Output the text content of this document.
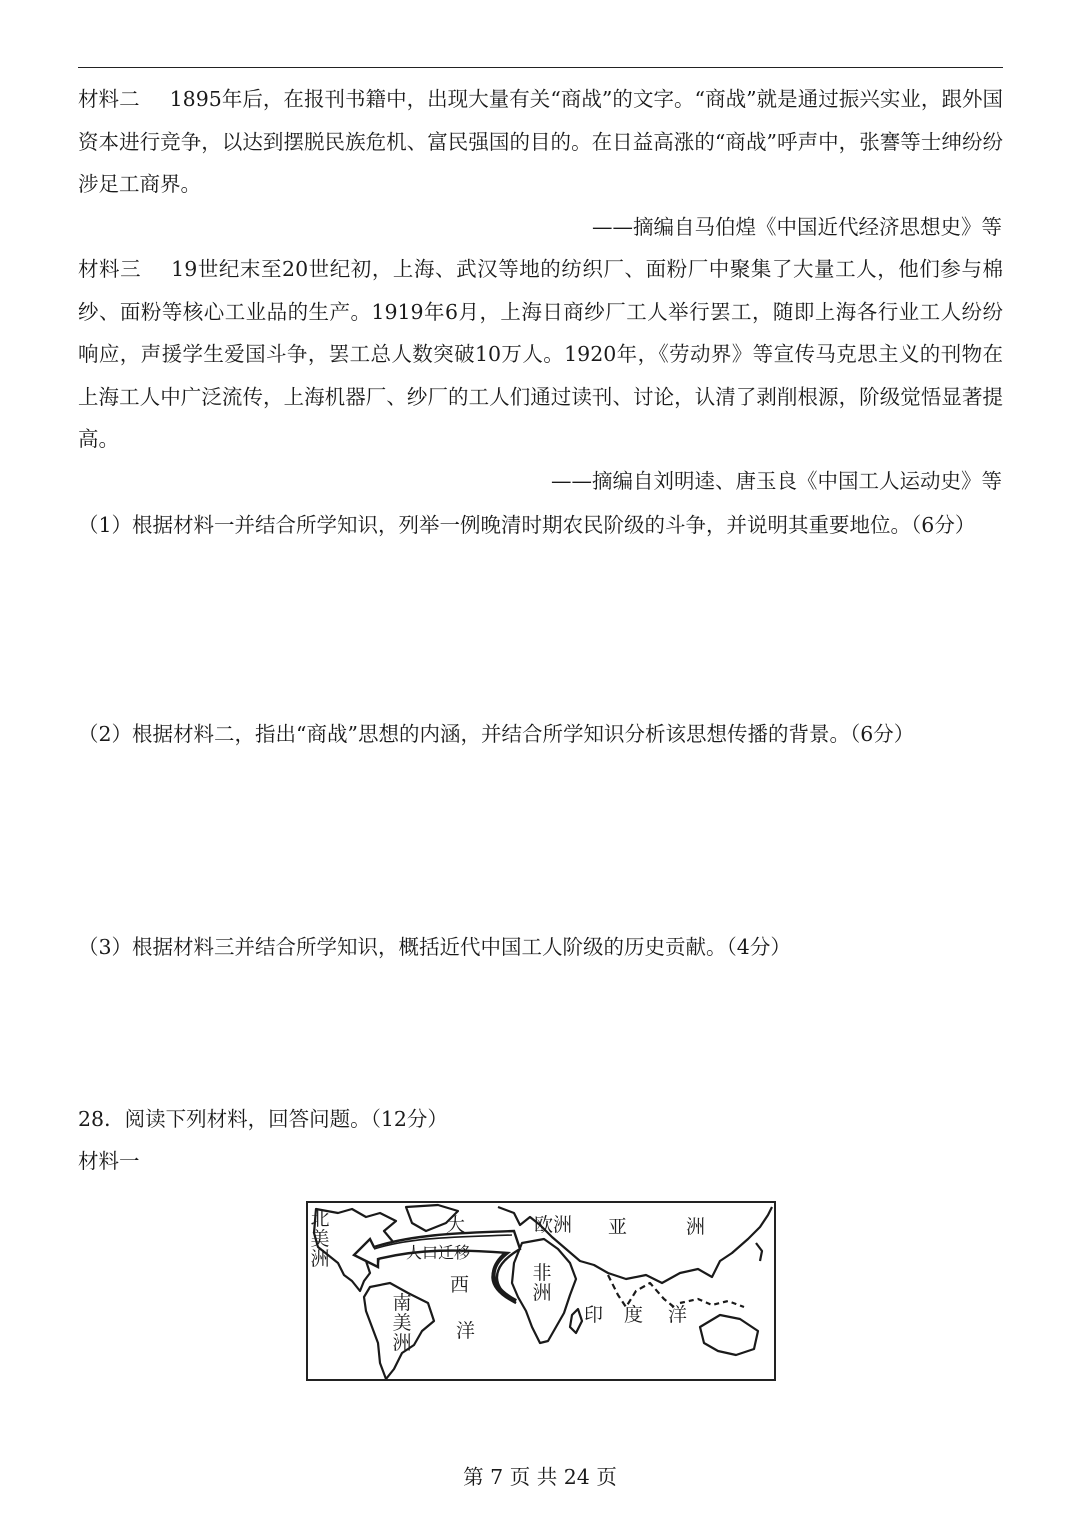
材料二 1895年后，在报刊书籍中，出现大量有关“商战”的文字。“商战”就是通过振兴实业，跟外国资本进行竞争，以达到摆脱民族危机、富民强国的目的。在日益高涨的“商战”呼声中，张謇等士绅纷纷涉足工商界。
——摘编自马伯煌《中国近代经济思想史》等
材料三 19世纪末至20世纪初，上海、武汉等地的纺织厂、面粉厂中聚集了大量工人，他们参与棉纱、面粉等核心工业品的生产。1919年6月，上海日商纱厂工人举行罢工，随即上海各行业工人纷纷响应，声援学生爱国斗争，罢工总人数突破10万人。1920年，《劳动界》等宣传马克思主义的刊物在上海工人中广泛流传，上海机器厂、纱厂的工人们通过读刊、讨论，认清了剥削根源，阶级觉悟显著提高。
——摘编自刘明逵、唐玉良《中国工人运动史》等
（1）根据材料一并结合所学知识，列举一例晚清时期农民阶级的斗争，并说明其重要地位。（6分）
（2）根据材料二，指出“商战”思想的内涵，并结合所学知识分析该思想传播的背景。（6分）
（3）根据材料三并结合所学知识，概括近代中国工人阶级的历史贡献。（4分）
28．阅读下列材料，回答问题。（12分）
材料一
北美洲
南美洲
大
西
洋
人口迁移
欧洲
非洲
亚	洲
印 度 洋
第 7 页 共 24 页
